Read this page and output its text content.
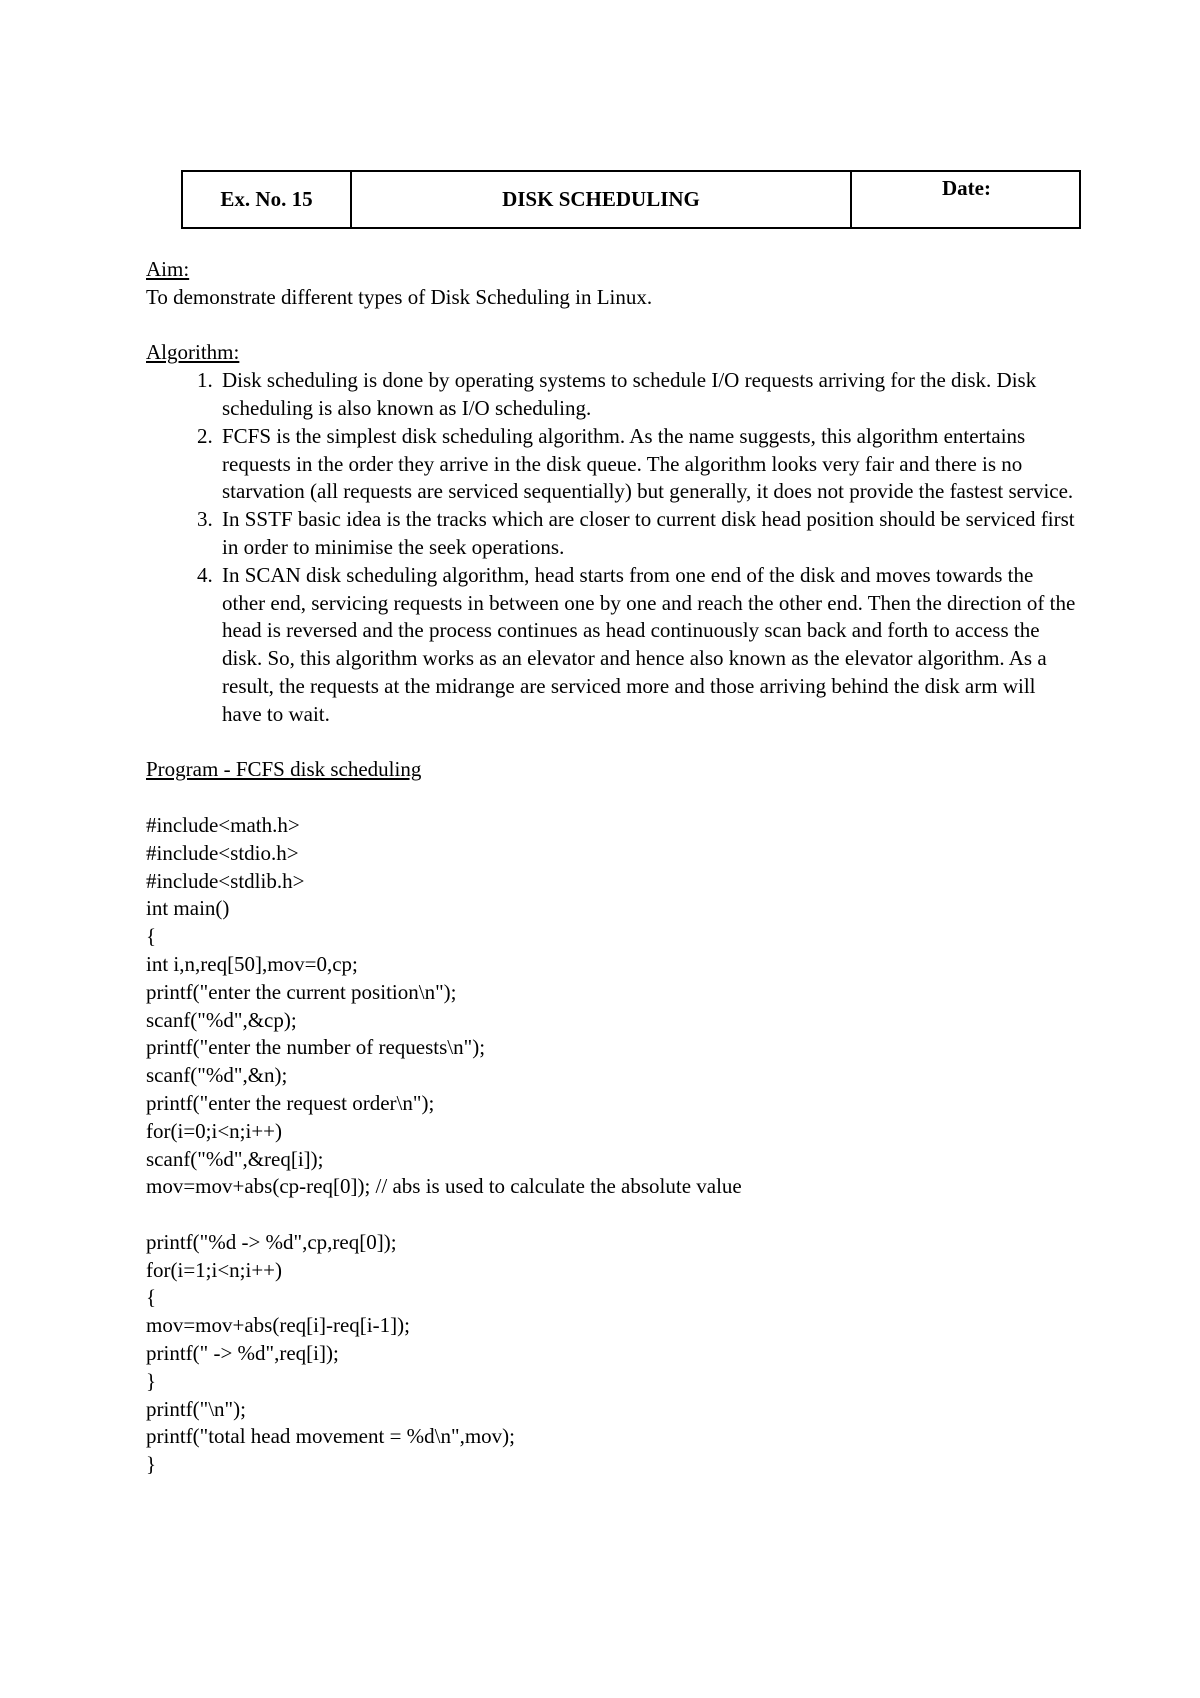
Ex. No. 15	DISK SCHEDULING	Date:

Aim:

To demonstrate different types of Disk Scheduling in Linux.

Algorithm:

1. Disk scheduling is done by operating systems to schedule I/O requests arriving for the disk. Disk scheduling is also known as I/O scheduling.
2. FCFS is the simplest disk scheduling algorithm. As the name suggests, this algorithm entertains requests in the order they arrive in the disk queue. The algorithm looks very fair and there is no starvation (all requests are serviced sequentially) but generally, it does not provide the fastest service.
3. In SSTF basic idea is the tracks which are closer to current disk head position should be serviced first in order to minimise the seek operations.
4. In SCAN disk scheduling algorithm, head starts from one end of the disk and moves towards the other end, servicing requests in between one by one and reach the other end. Then the direction of the head is reversed and the process continues as head continuously scan back and forth to access the disk. So, this algorithm works as an elevator and hence also known as the elevator algorithm. As a result, the requests at the midrange are serviced more and those arriving behind the disk arm will have to wait.

Program - FCFS disk scheduling

#include<math.h>
#include<stdio.h>
#include<stdlib.h>
int main()
{
int i,n,req[50],mov=0,cp;
printf("enter the current position\n");
scanf("%d",&cp);
printf("enter the number of requests\n");
scanf("%d",&n);
printf("enter the request order\n");
for(i=0;i<n;i++)
scanf("%d",&req[i]);
mov=mov+abs(cp-req[0]); // abs is used to calculate the absolute value

printf("%d -> %d",cp,req[0]);
for(i=1;i<n;i++)
{
mov=mov+abs(req[i]-req[i-1]);
printf(" -> %d",req[i]);
}
printf("\n");
printf("total head movement = %d\n",mov);
}
